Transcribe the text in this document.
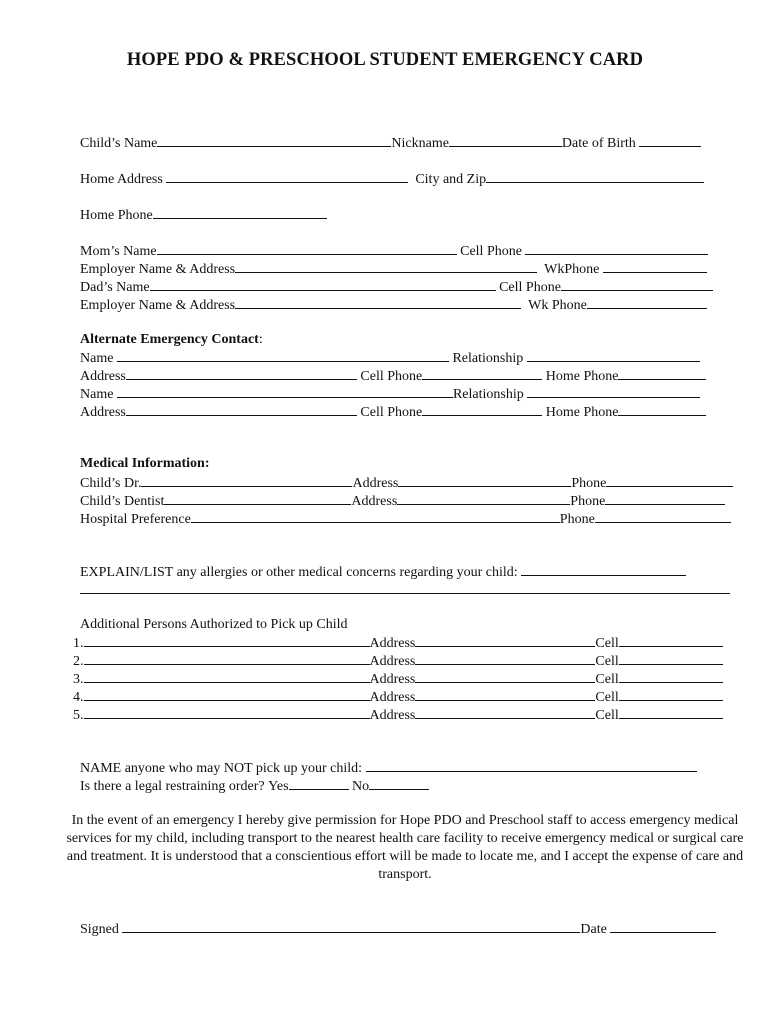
HOPE PDO & PRESCHOOL STUDENT EMERGENCY CARD

Child’s Name	Nickname	Date of Birth

Home Address	City and Zip

Home Phone

Mom’s Name	Cell Phone

Employer Name & Address	WkPhone

Dad’s Name	Cell Phone

Employer Name & Address	Wk Phone

Alternate Emergency Contact:

Name	Relationship

Address	Cell Phone	Home Phone

Name	Relationship

Address	Cell Phone	Home Phone

Medical Information:

Child’s Dr.	Address	Phone

Child’s Dentist	Address	Phone

Hospital Preference	Phone

EXPLAIN/LIST any allergies or other medical concerns regarding your child:

Additional Persons Authorized to Pick up Child

1.	Address	Cell
2.	Address	Cell
3.	Address	Cell
4.	Address	Cell
5.	Address	Cell

NAME anyone who may NOT pick up your child:

Is there a legal restraining order? Yes	No

In the event of an emergency I hereby give permission for Hope PDO and Preschool staff to access emergency medical services for my child, including transport to the nearest health care facility to receive emergency medical or surgical care and treatment. It is understood that a conscientious effort will be made to locate me, and I accept the expense of care and transport.

Signed	Date
